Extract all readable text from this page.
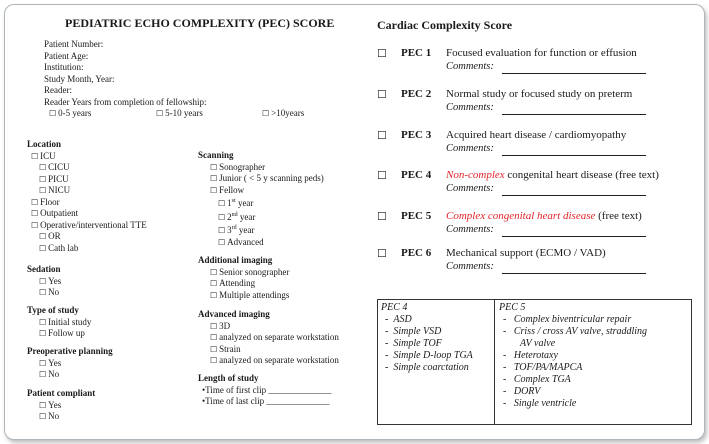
PEDIATRIC ECHO COMPLEXITY (PEC) SCORE
Patient Number:
Patient Age:
Institution:
Study Month, Year:
Reader:
Reader Years from completion of fellowship:
☐ 0-5 years	☐ 5-10 years	☐ >10years
Location
☐ ICU
☐ CICU
☐ PICU
☐ NICU
☐ Floor
☐ Outpatient
☐ Operative/interventional TTE
☐ OR
☐ Cath lab
Sedation
☐ Yes
☐ No
Type of study
☐ Initial study
☐ Follow up
Preoperative planning
☐ Yes
☐ No
Patient compliant
☐ Yes
☐ No
Scanning
☐ Sonographer
☐ Junior ( < 5 y scanning peds)
☐ Fellow
☐ 1st year
☐ 2nd year
☐ 3rd year
☐ Advanced
Additional imaging
☐ Senior sonographer
☐ Attending
☐ Multiple attendings
Advanced imaging
☐ 3D
☐ analyzed on separate workstation
☐ Strain
☐ analyzed on separate workstation
Length of study
•Time of first clip ______________
•Time of last clip ______________
Cardiac Complexity Score
☐ PEC 1 Focused evaluation for function or effusion
Comments:
☐ PEC 2 Normal study or focused study on preterm
Comments:
☐ PEC 3 Acquired heart disease / cardiomyopathy
Comments:
☐ PEC 4 Non-complex congenital heart disease (free text)
Comments:
☐ PEC 5 Complex congenital heart disease (free text)
Comments:
☐ PEC 6 Mechanical support (ECMO / VAD)
Comments:
PEC 4
-  ASD
-  Simple VSD
-  Simple TOF
-  Simple D-loop TGA
-  Simple coarctation
PEC 5
-   Complex biventricular repair
-   Criss / cross AV valve, straddling
AV valve
-   Heterotaxy
-   TOF/PA/MAPCA
-   Complex TGA
-   DORV
-   Single ventricle
